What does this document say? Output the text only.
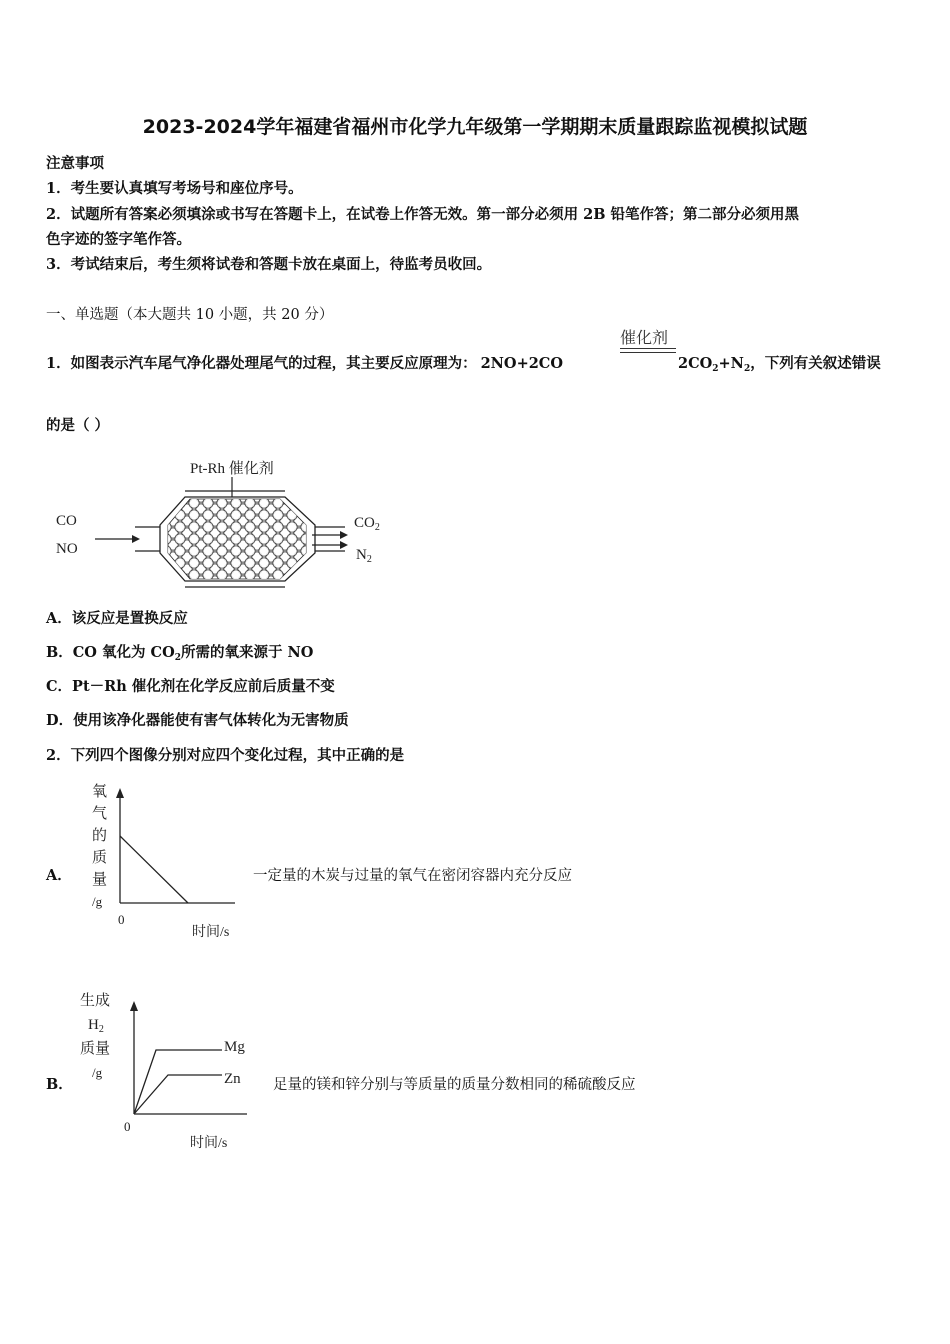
2023-2024学年福建省福州市化学九年级第一学期期末质量跟踪监视模拟试题
注意事项
1．考生要认真填写考场号和座位序号。
2．试题所有答案必须填涂或书写在答题卡上，在试卷上作答无效。第一部分必须用 2B 铅笔作答；第二部分必须用黑
色字迹的签字笔作答。
3．考试结束后，考生须将试卷和答题卡放在桌面上，待监考员收回。
一、单选题（本大题共 10 小题，共 20 分）
1．如图表示汽车尾气净化器处理尾气的过程，其主要反应原理为： 2NO+2CO
催化剂
$2CO_2+N_2$，下列有关叙述错误
的是（ ）
Pt-Rh 催化剂
CO
NO
$CO_2$
$N_2$
A．该反应是置换反应
B．CO 氧化为 $CO_2$所需的氧来源于 NO
C．Pt－Rh 催化剂在化学反应前后质量不变
D．使用该净化器能使有害气体转化为无害物质
2．下列四个图像分别对应四个变化过程，其中正确的是
A．
氧
气
的
质
量
/g
0
时间/s
一定量的木炭与过量的氧气在密闭容器内充分反应
B．
生成
$H_2$
质量
/g
Mg
Zn
0
时间/s
足量的镁和锌分别与等质量的质量分数相同的稀硫酸反应
